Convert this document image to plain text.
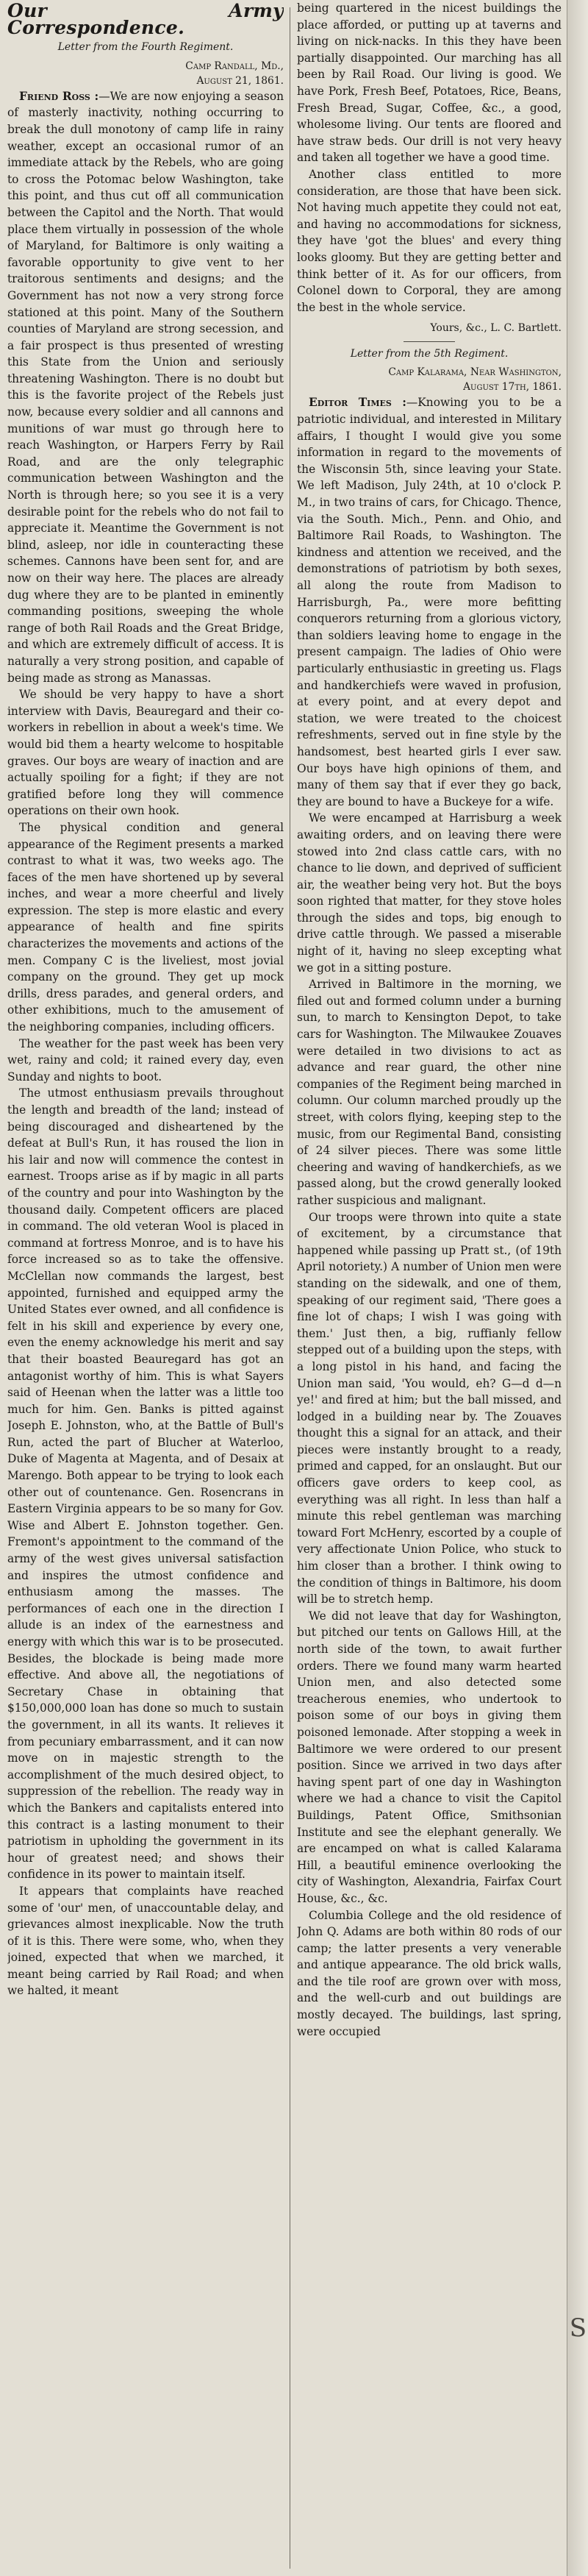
Our Army Correspondence.
Letter from the Fourth Regiment.
Camp Randall, Md.,
August 21, 1861.

Friend Ross :—We are now enjoying a season of masterly inactivity, nothing occurring to break the dull monotony of camp life in rainy weather, except an occasional rumor of an immediate attack by the Rebels, who are going to cross the Potomac below Washington, take this point, and thus cut off all communication between the Capitol and the North. That would place them virtually in possession of the whole of Maryland, for Baltimore is only waiting a favorable opportunity to give vent to her traitorous sentiments and designs; and the Government has not now a very strong force stationed at this point. Many of the Southern counties of Maryland are strong secession, and a fair prospect is thus presented of wresting this State from the Union and seriously threatening Washington. There is no doubt but this is the favorite project of the Rebels just now, because every soldier and all cannons and munitions of war must go through here to reach Washington, or Harpers Ferry by Rail Road, and are the only telegraphic communication between Washington and the North is through here; so you see it is a very desirable point for the rebels who do not fail to appreciate it. Meantime the Government is not blind, asleep, nor idle in counteracting these schemes. Cannons have been sent for, and are now on their way here. The places are already dug where they are to be planted in eminently commanding positions, sweeping the whole range of both Rail Roads and the Great Bridge, and which are extremely difficult of access. It is naturally a very strong position, and capable of being made as strong as Manassas.

We should be very happy to have a short interview with Davis, Beauregard and their co-workers in rebellion in about a week's time. We would bid them a hearty welcome to hospitable graves. Our boys are weary of inaction and are actually spoiling for a fight; if they are not gratified before long they will commence operations on their own hook.

The physical condition and general appearance of the Regiment presents a marked contrast to what it was, two weeks ago. The faces of the men have shortened up by several inches, and wear a more cheerful and lively expression. The step is more elastic and every appearance of health and fine spirits characterizes the movements and actions of the men. Company C is the liveliest, most jovial company on the ground. They get up mock drills, dress parades, and general orders, and other exhibitions, much to the amusement of the neighboring companies, including officers.

The weather for the past week has been very wet, rainy and cold; it rained every day, even Sunday and nights to boot.

The utmost enthusiasm prevails throughout the length and breadth of the land; instead of being discouraged and disheartened by the defeat at Bull's Run, it has roused the lion in his lair and now will commence the contest in earnest. Troops arise as if by magic in all parts of the country and pour into Washington by the thousand daily. Competent officers are placed in command. The old veteran Wool is placed in command at fortress Monroe, and is to have his force increased so as to take the offensive. McClellan now commands the largest, best appointed, furnished and equipped army the United States ever owned, and all confidence is felt in his skill and experience by every one, even the enemy acknowledge his merit and say that their boasted Beauregard has got an antagonist worthy of him. This is what Sayers said of Heenan when the latter was a little too much for him. Gen. Banks is pitted against Joseph E. Johnston, who, at the Battle of Bull's Run, acted the part of Blucher at Waterloo, Duke of Magenta at Magenta, and of Desaix at Marengo. Both appear to be trying to look each other out of countenance. Gen. Rosencrans in Eastern Virginia appears to be so many for Gov. Wise and Albert E. Johnston together. Gen. Fremont's appointment to the command of the army of the west gives universal satisfaction and inspires the utmost confidence and enthusiasm among the masses. The performances of each one in the direction I allude is an index of the earnestness and energy with which this war is to be prosecuted. Besides, the blockade is being made more effective. And above all, the negotiations of Secretary Chase in obtaining that $150,000,000 loan has done so much to sustain the government, in all its wants. It relieves it from pecuniary embarrassment, and it can now move on in majestic strength to the accomplishment of the much desired object, to suppression of the rebellion. The ready way in which the Bankers and capitalists entered into this contract is a lasting monument to their patriotism in upholding the government in its hour of greatest need; and shows their confidence in its power to maintain itself.

It appears that complaints have reached some of 'our' men, of unaccountable delay, and grievances almost inexplicable. Now the truth of it is this. There were some, who, when they joined, expected that when we marched, it meant being carried by Rail Road; and when we halted, it meant

being quartered in the nicest buildings the place afforded, or putting up at taverns and living on nick-nacks. In this they have been partially disappointed. Our marching has all been by Rail Road. Our living is good. We have Pork, Fresh Beef, Potatoes, Rice, Beans, Fresh Bread, Sugar, Coffee, &c., a good, wholesome living. Our tents are floored and have straw beds. Our drill is not very heavy and taken all together we have a good time.

Another class entitled to more consideration, are those that have been sick. Not having much appetite they could not eat, and having no accommodations for sickness, they have 'got the blues' and every thing looks gloomy. But they are getting better and think better of it. As for our officers, from Colonel down to Corporal, they are among the best in the whole service.

Yours, &c., L. C. Bartlett.
Letter from the 5th Regiment.
Camp Kalarama, Near Washington,
August 17th, 1861.

Editor Times :—Knowing you to be a patriotic individual, and interested in Military affairs, I thought I would give you some information in regard to the movements of the Wisconsin 5th, since leaving your State. We left Madison, July 24th, at 10 o'clock P. M., in two trains of cars, for Chicago. Thence, via the South. Mich., Penn. and Ohio, and Baltimore Rail Roads, to Washington. The kindness and attention we received, and the demonstrations of patriotism by both sexes, all along the route from Madison to Harrisburgh, Pa., were more befitting conquerors returning from a glorious victory, than soldiers leaving home to engage in the present campaign. The ladies of Ohio were particularly enthusiastic in greeting us. Flags and handkerchiefs were waved in profusion, at every point, and at every depot and station, we were treated to the choicest refreshments, served out in fine style by the handsomest, best hearted girls I ever saw. Our boys have high opinions of them, and many of them say that if ever they go back, they are bound to have a Buckeye for a wife.

We were encamped at Harrisburg a week awaiting orders, and on leaving there were stowed into 2nd class cattle cars, with no chance to lie down, and deprived of sufficient air, the weather being very hot. But the boys soon righted that matter, for they stove holes through the sides and tops, big enough to drive cattle through. We passed a miserable night of it, having no sleep excepting what we got in a sitting posture.

Arrived in Baltimore in the morning, we filed out and formed column under a burning sun, to march to Kensington Depot, to take cars for Washington. The Milwaukee Zouaves were detailed in two divisions to act as advance and rear guard, the other nine companies of the Regiment being marched in column. Our column marched proudly up the street, with colors flying, keeping step to the music, from our Regimental Band, consisting of 24 silver pieces. There was some little cheering and waving of handkerchiefs, as we passed along, but the crowd generally looked rather suspicious and malignant.

Our troops were thrown into quite a state of excitement, by a circumstance that happened while passing up Pratt st., (of 19th April notoriety.) A number of Union men were standing on the sidewalk, and one of them, speaking of our regiment said, 'There goes a fine lot of chaps; I wish I was going with them.' Just then, a big, ruffianly fellow stepped out of a building upon the steps, with a long pistol in his hand, and facing the Union man said, 'You would, eh? G—d d—n ye!' and fired at him; but the ball missed, and lodged in a building near by. The Zouaves thought this a signal for an attack, and their pieces were instantly brought to a ready, primed and capped, for an onslaught. But our officers gave orders to keep cool, as everything was all right. In less than half a minute this rebel gentleman was marching toward Fort McHenry, escorted by a couple of very affectionate Union Police, who stuck to him closer than a brother. I think owing to the condition of things in Baltimore, his doom will be to stretch hemp.

We did not leave that day for Washington, but pitched our tents on Gallows Hill, at the north side of the town, to await further orders. There we found many warm hearted Union men, and also detected some treacherous enemies, who undertook to poison some of our boys in giving them poisoned lemonade. After stopping a week in Baltimore we were ordered to our present position. Since we arrived in two days after having spent part of one day in Washington where we had a chance to visit the Capitol Buildings, Patent Office, Smithsonian Institute and see the elephant generally. We are encamped on what is called Kalarama Hill, a beautiful eminence overlooking the city of Washington, Alexandria, Fairfax Court House, &c., &c.

Columbia College and the old residence of John Q. Adams are both within 80 rods of our camp; the latter presents a very venerable and antique appearance. The old brick walls, and the tile roof are grown over with moss, and the well-curb and out buildings are mostly decayed. The buildings, last spring, were occupied

S
